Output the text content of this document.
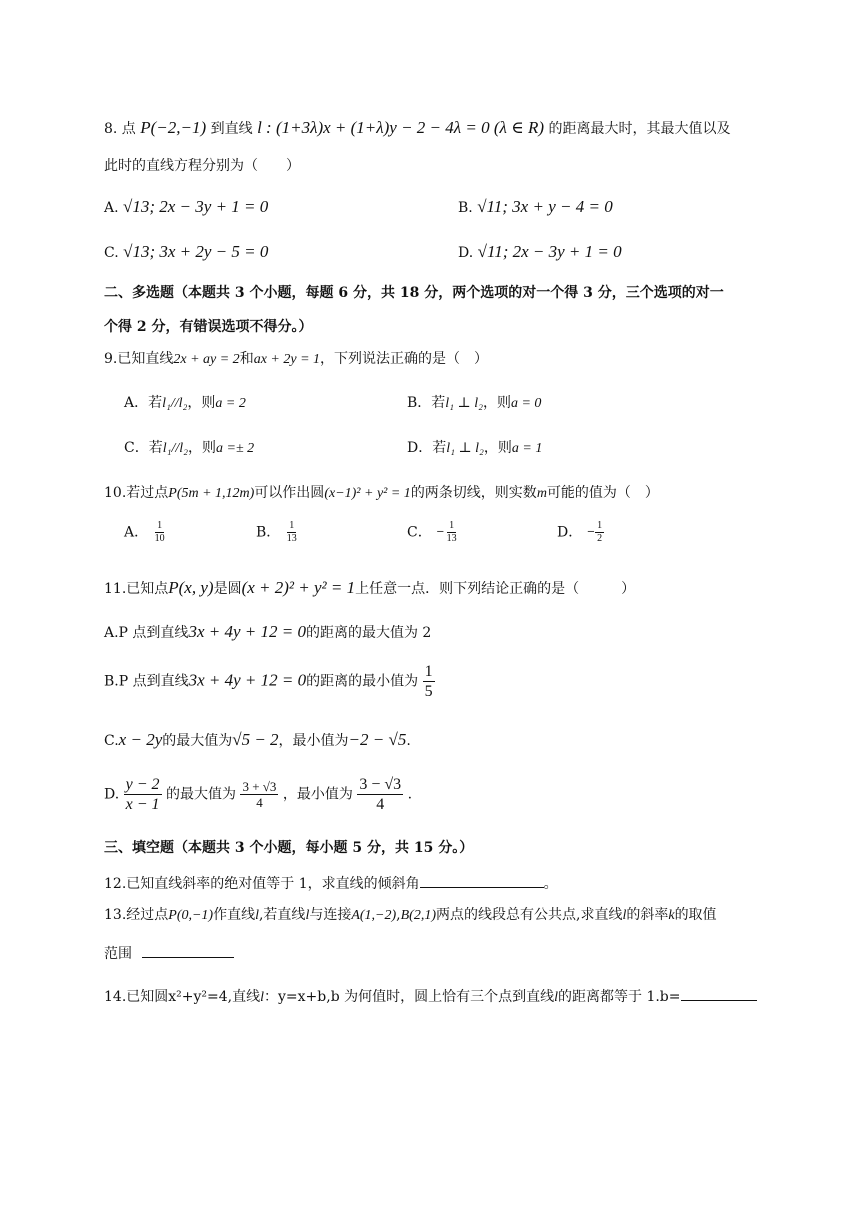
8. 点 P(−2,−1) 到直线 l : (1+3λ)x + (1+λ)y − 2 − 4λ = 0 (λ ∈ R) 的距离最大时，其最大值以及
此时的直线方程分别为（　　）
A. √13; 2x − 3y + 1 = 0	B. √11; 3x + y − 4 = 0
C. √13; 3x + 2y − 5 = 0	D. √11; 2x − 3y + 1 = 0
二、多选题（本题共 3 个小题，每题 6 分，共 18 分，两个选项的对一个得 3 分，三个选项的对一
个得 2 分，有错误选项不得分。）
9.已知直线2x + ay = 2和ax + 2y = 1，下列说法正确的是（　）
A．若l₁//l₂，则a = 2	B．若l₁ ⊥ l₂，则a = 0
C．若l₁//l₂，则a =± 2	D．若l₁ ⊥ l₂，则a = 1
10.若过点P(5m + 1,12m)可以作出圆(x−1)² + y² = 1的两条切线，则实数m可能的值为（　）
A． $\frac{1}{10}$	B． $\frac{1}{13}$	C． − $\frac{1}{13}$	D． − $\frac{1}{2}$
11.已知点P(x, y)是圆(x + 2)² + y² = 1上任意一点．则下列结论正确的是（　　　）
A.P 点到直线3x + 4y + 12 = 0的距离的最大值为 2
B.P 点到直线3x + 4y + 12 = 0的距离的最小值为 $\frac{1}{5}$
C.x − 2y的最大值为√5 − 2，最小值为−2 − √5.
D. $\frac{y - 2}{x - 1}$ 的最大值为 $\frac{3 + √3}{4}$ ，最小值为 $\frac{3 - √3}{4}$ .
三、填空题（本题共 3 个小题，每小题 5 分，共 15 分。）
12.已知直线斜率的绝对值等于 1，求直线的倾斜角	。
13.经过点P(0,−1)作直线l,若直线l与连接A(1,−2),B(2,1)两点的线段总有公共点,求直线l的斜率k的取值
范围
14.已知圆x²+y²=4,直线l：y=x+b,b 为何值时，圆上恰有三个点到直线l的距离都等于 1.b=
